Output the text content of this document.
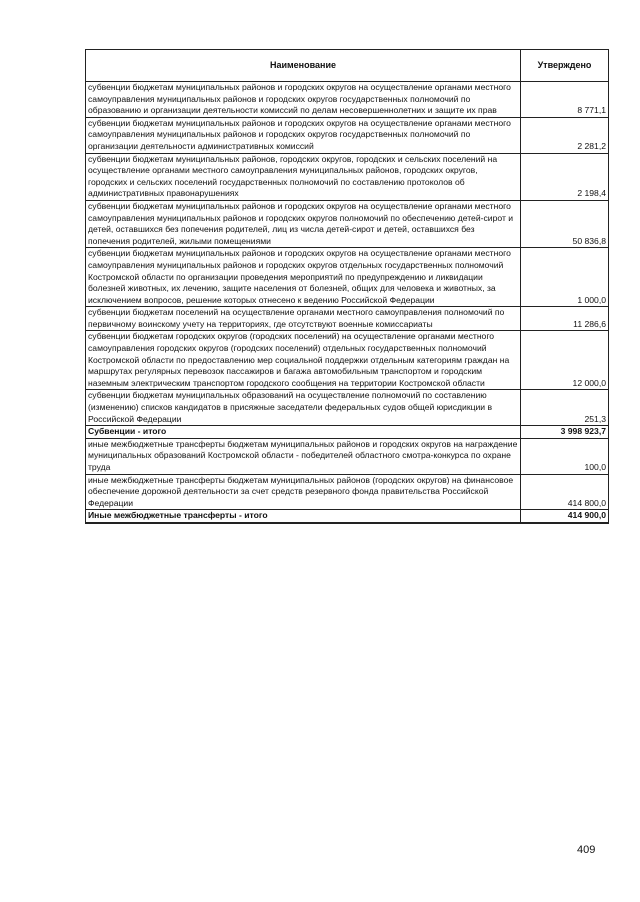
Наименование	Утверждено
субвенции бюджетам муниципальных районов и городских округов на осуществление органами местного самоуправления муниципальных районов и городских округов государственных полномочий по образованию и организации деятельности комиссий по делам несовершеннолетних и защите их прав	8 771,1
субвенции бюджетам муниципальных районов и городских округов на осуществление органами местного самоуправления муниципальных районов и городских округов государственных полномочий по организации деятельности административных комиссий	2 281,2
субвенции бюджетам муниципальных районов, городских округов, городских и сельских поселений на осуществление органами местного самоуправления муниципальных районов, городских округов, городских и сельских поселений государственных полномочий по составлению протоколов об административных правонарушениях	2 198,4
субвенции бюджетам муниципальных районов и городских округов на осуществление органами местного самоуправления муниципальных районов и городских округов полномочий по обеспечению детей-сирот и детей, оставшихся без попечения родителей, лиц из числа детей-сирот и детей, оставшихся без попечения родителей, жилыми помещениями	50 836,8
субвенции бюджетам муниципальных районов и городских округов на осуществление органами местного самоуправления муниципальных районов и городских округов отдельных государственных полномочий Костромской области по организации проведения мероприятий по предупреждению и ликвидации болезней животных, их лечению, защите населения от болезней, общих для человека и животных, за исключением вопросов, решение которых отнесено к ведению Российской Федерации	1 000,0
субвенции бюджетам поселений на осуществление органами местного самоуправления полномочий по первичному воинскому учету на территориях, где отсутствуют военные комиссариаты	11 286,6
субвенции бюджетам городских округов (городских поселений) на осуществление органами местного самоуправления городских округов (городских поселений) отдельных государственных полномочий Костромской области по предоставлению мер социальной поддержки отдельным категориям граждан на маршрутах регулярных перевозок пассажиров и багажа автомобильным транспортом и городским наземным электрическим транспортом городского сообщения на территории Костромской области	12 000,0
субвенции бюджетам муниципальных образований на осуществление полномочий по составлению (изменению) списков кандидатов в присяжные заседатели федеральных судов общей юрисдикции в Российской Федерации	251,3
Субвенции - итого	3 998 923,7
иные межбюджетные трансферты бюджетам муниципальных районов и городских округов на награждение муниципальных образований Костромской области - победителей областного смотра-конкурса по охране труда	100,0
иные межбюджетные трансферты бюджетам муниципальных районов (городских округов) на финансовое обеспечение дорожной деятельности за счет средств резервного фонда правительства Российской Федерации	414 800,0
Иные межбюджетные трансферты - итого	414 900,0
409
